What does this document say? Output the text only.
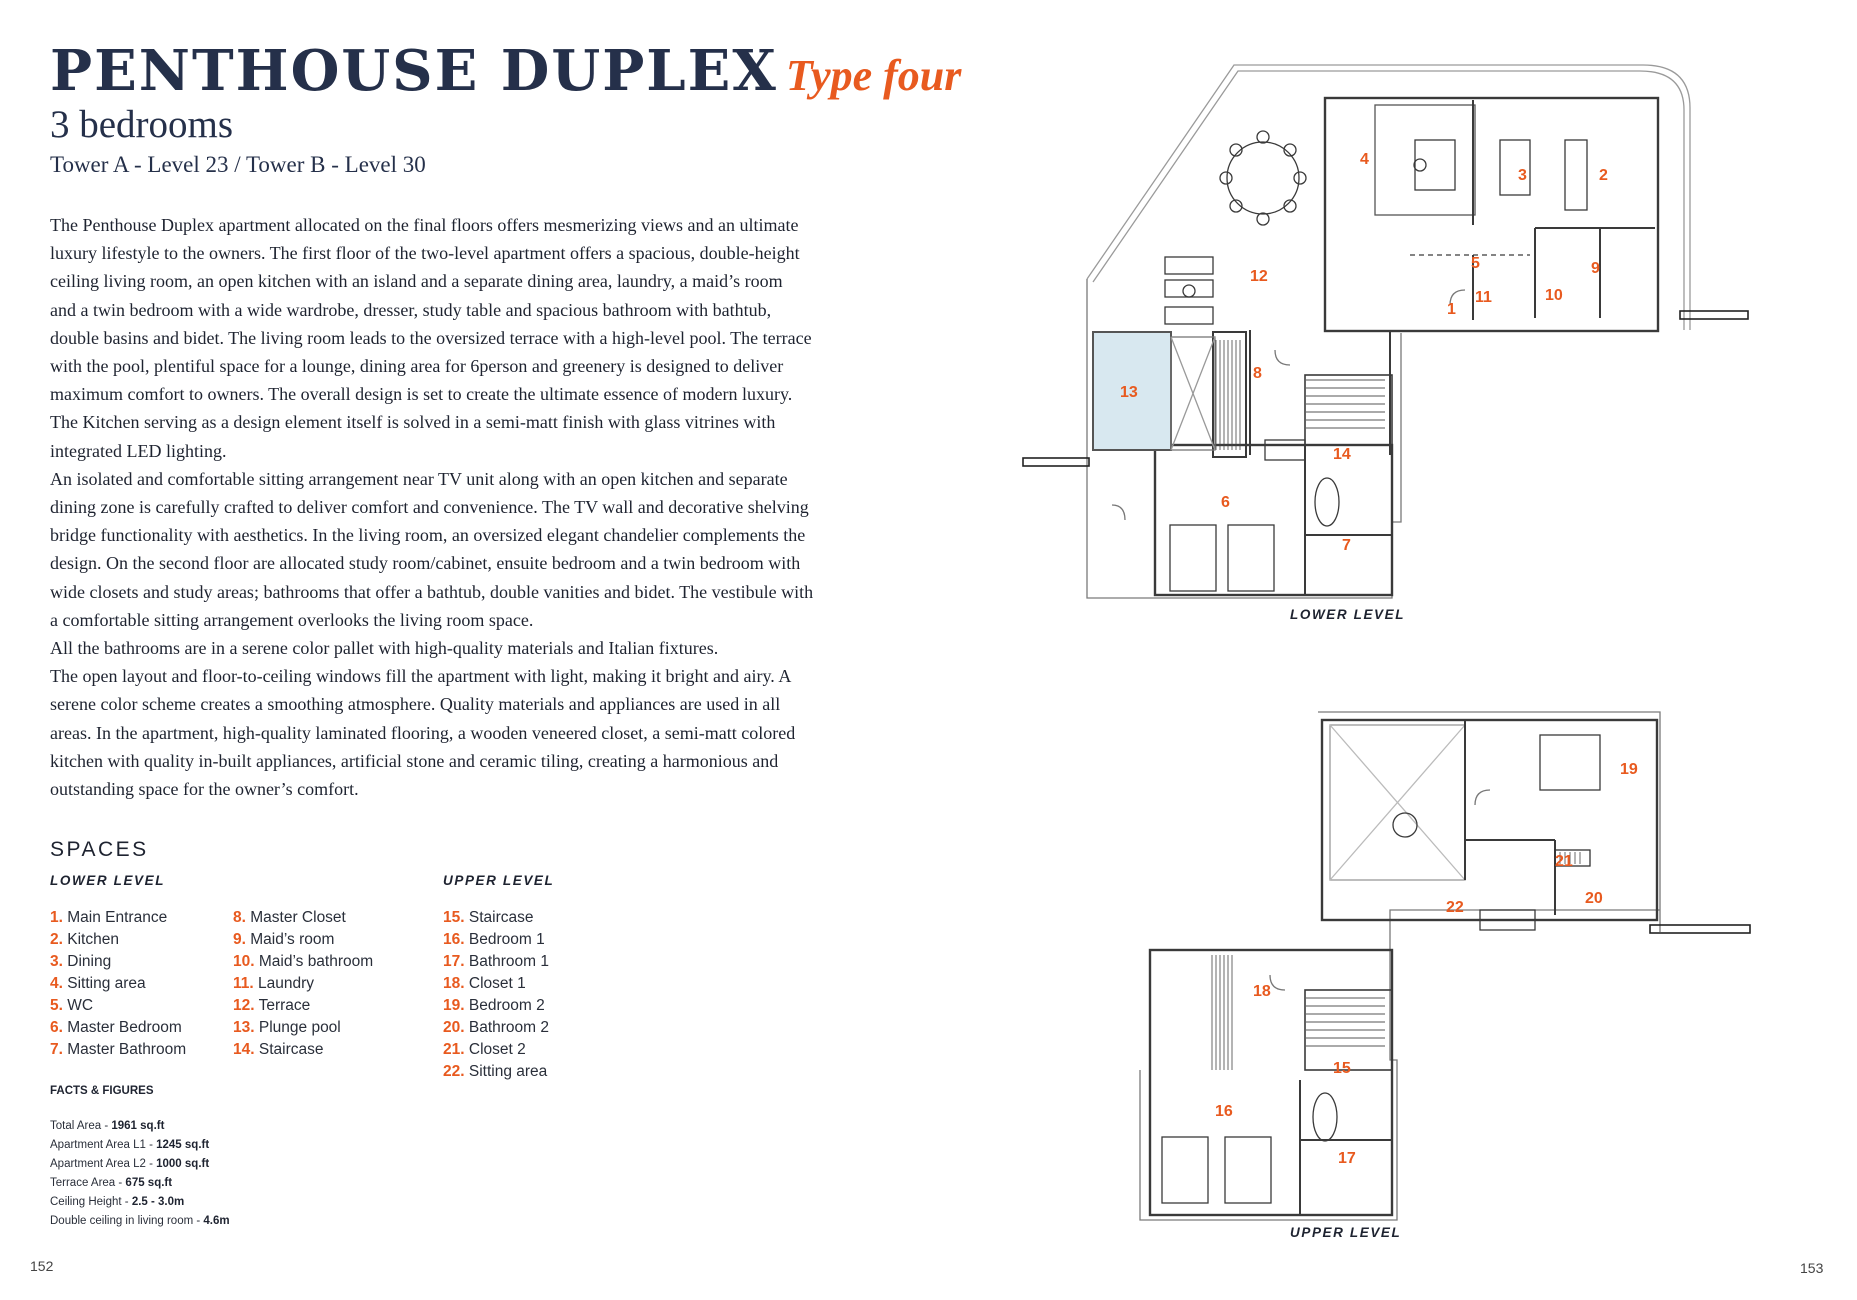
PENTHOUSE DUPLEX Type four
3 bedrooms
Tower A - Level 23 / Tower B - Level 30

The Penthouse Duplex apartment allocated on the final floors offers mesmerizing views and an ultimate

luxury lifestyle to the owners. The first floor of the two-level apartment offers a spacious, double-height

ceiling living room, an open kitchen with an island and a separate dining area, laundry, a maid’s room

and a twin bedroom with a wide wardrobe, dresser, study table and spacious bathroom with bathtub,

double basins and bidet. The living room leads to the oversized terrace with a high-level pool. The terrace

with the pool, plentiful space for a lounge, dining area for 6person and greenery is designed to deliver

maximum comfort to owners. The overall design is set to create the ultimate essence of modern luxury.

The Kitchen serving as a design element itself is solved in a semi-matt finish with glass vitrines with

integrated LED lighting.

An isolated and comfortable sitting arrangement near TV unit along with an open kitchen and separate

dining zone is carefully crafted to deliver comfort and convenience. The TV wall and decorative shelving

bridge functionality with aesthetics. In the living room, an oversized elegant chandelier complements the

design. On the second floor are allocated study room/cabinet, ensuite bedroom and a twin bedroom with

wide closets and study areas; bathrooms that offer a bathtub, double vanities and bidet. The vestibule with

a comfortable sitting arrangement overlooks the living room space.

All the bathrooms are in a serene color pallet with high-quality materials and Italian fixtures.

The open layout and floor-to-ceiling windows fill the apartment with light, making it bright and airy. A

serene color scheme creates a smoothing atmosphere. Quality materials and appliances are used in all

areas. In the apartment, high-quality laminated flooring, a wooden veneered closet, a semi-matt colored

kitchen with quality in-built appliances, artificial stone and ceramic tiling, creating a harmonious and

outstanding space for the owner’s comfort.

SPACES
LOWER LEVEL	UPPER LEVEL
1. Main Entrance
2. Kitchen
3. Dining
4. Sitting area
5. WC
6. Master Bedroom
7. Master Bathroom
8. Master Closet
9. Maid’s room
10. Maid’s bathroom
11. Laundry
12. Terrace
13. Plunge pool
14. Staircase
15. Staircase
16. Bedroom 1
17. Bathroom 1
18. Closet 1
19. Bedroom 2
20. Bathroom 2
21. Closet 2
22. Sitting area
FACTS & FIGURES
Total Area - 1961 sq.ft
Apartment Area L1 - 1245 sq.ft
Apartment Area L2 - 1000 sq.ft
Terrace Area - 675 sq.ft
Ceiling Height - 2.5 - 3.0m
Double ceiling in living room - 4.6m
152	153
1
2
3
4
5
6
7
8
9
10
11
12
13
14
15
16
17
18
19
20
21
22
LOWER LEVEL
UPPER LEVEL
